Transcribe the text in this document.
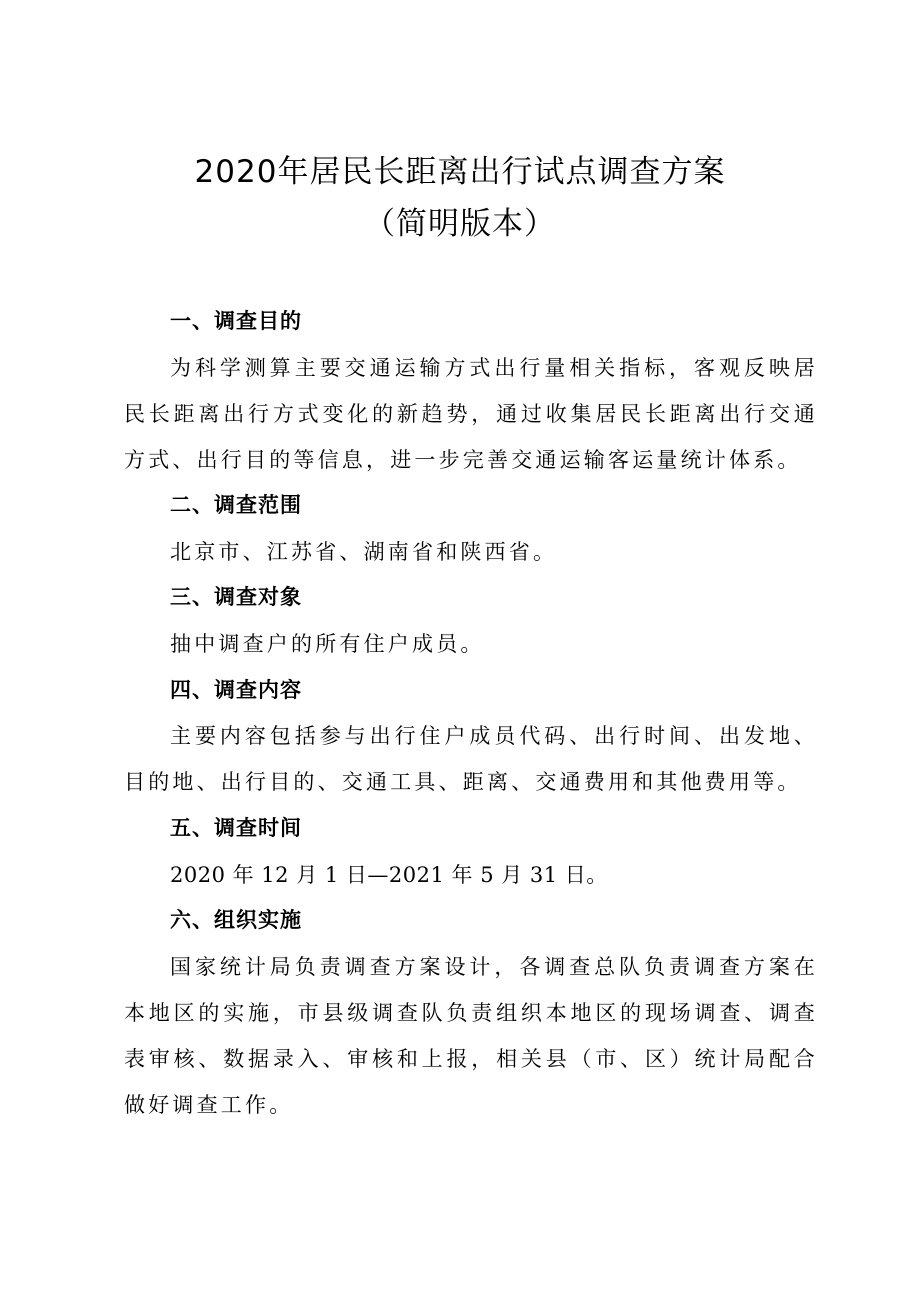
2020年居民长距离出行试点调查方案
（简明版本）
一、调查目的
为科学测算主要交通运输方式出行量相关指标，客观反映居民长距离出行方式变化的新趋势，通过收集居民长距离出行交通方式、出行目的等信息，进一步完善交通运输客运量统计体系。
二、调查范围
北京市、江苏省、湖南省和陕西省。
三、调查对象
抽中调查户的所有住户成员。
四、调查内容
主要内容包括参与出行住户成员代码、出行时间、出发地、目的地、出行目的、交通工具、距离、交通费用和其他费用等。
五、调查时间
2020 年 12 月 1 日—2021 年 5 月 31 日。
六、组织实施
国家统计局负责调查方案设计，各调查总队负责调查方案在本地区的实施，市县级调查队负责组织本地区的现场调查、调查表审核、数据录入、审核和上报，相关县（市、区）统计局配合做好调查工作。
